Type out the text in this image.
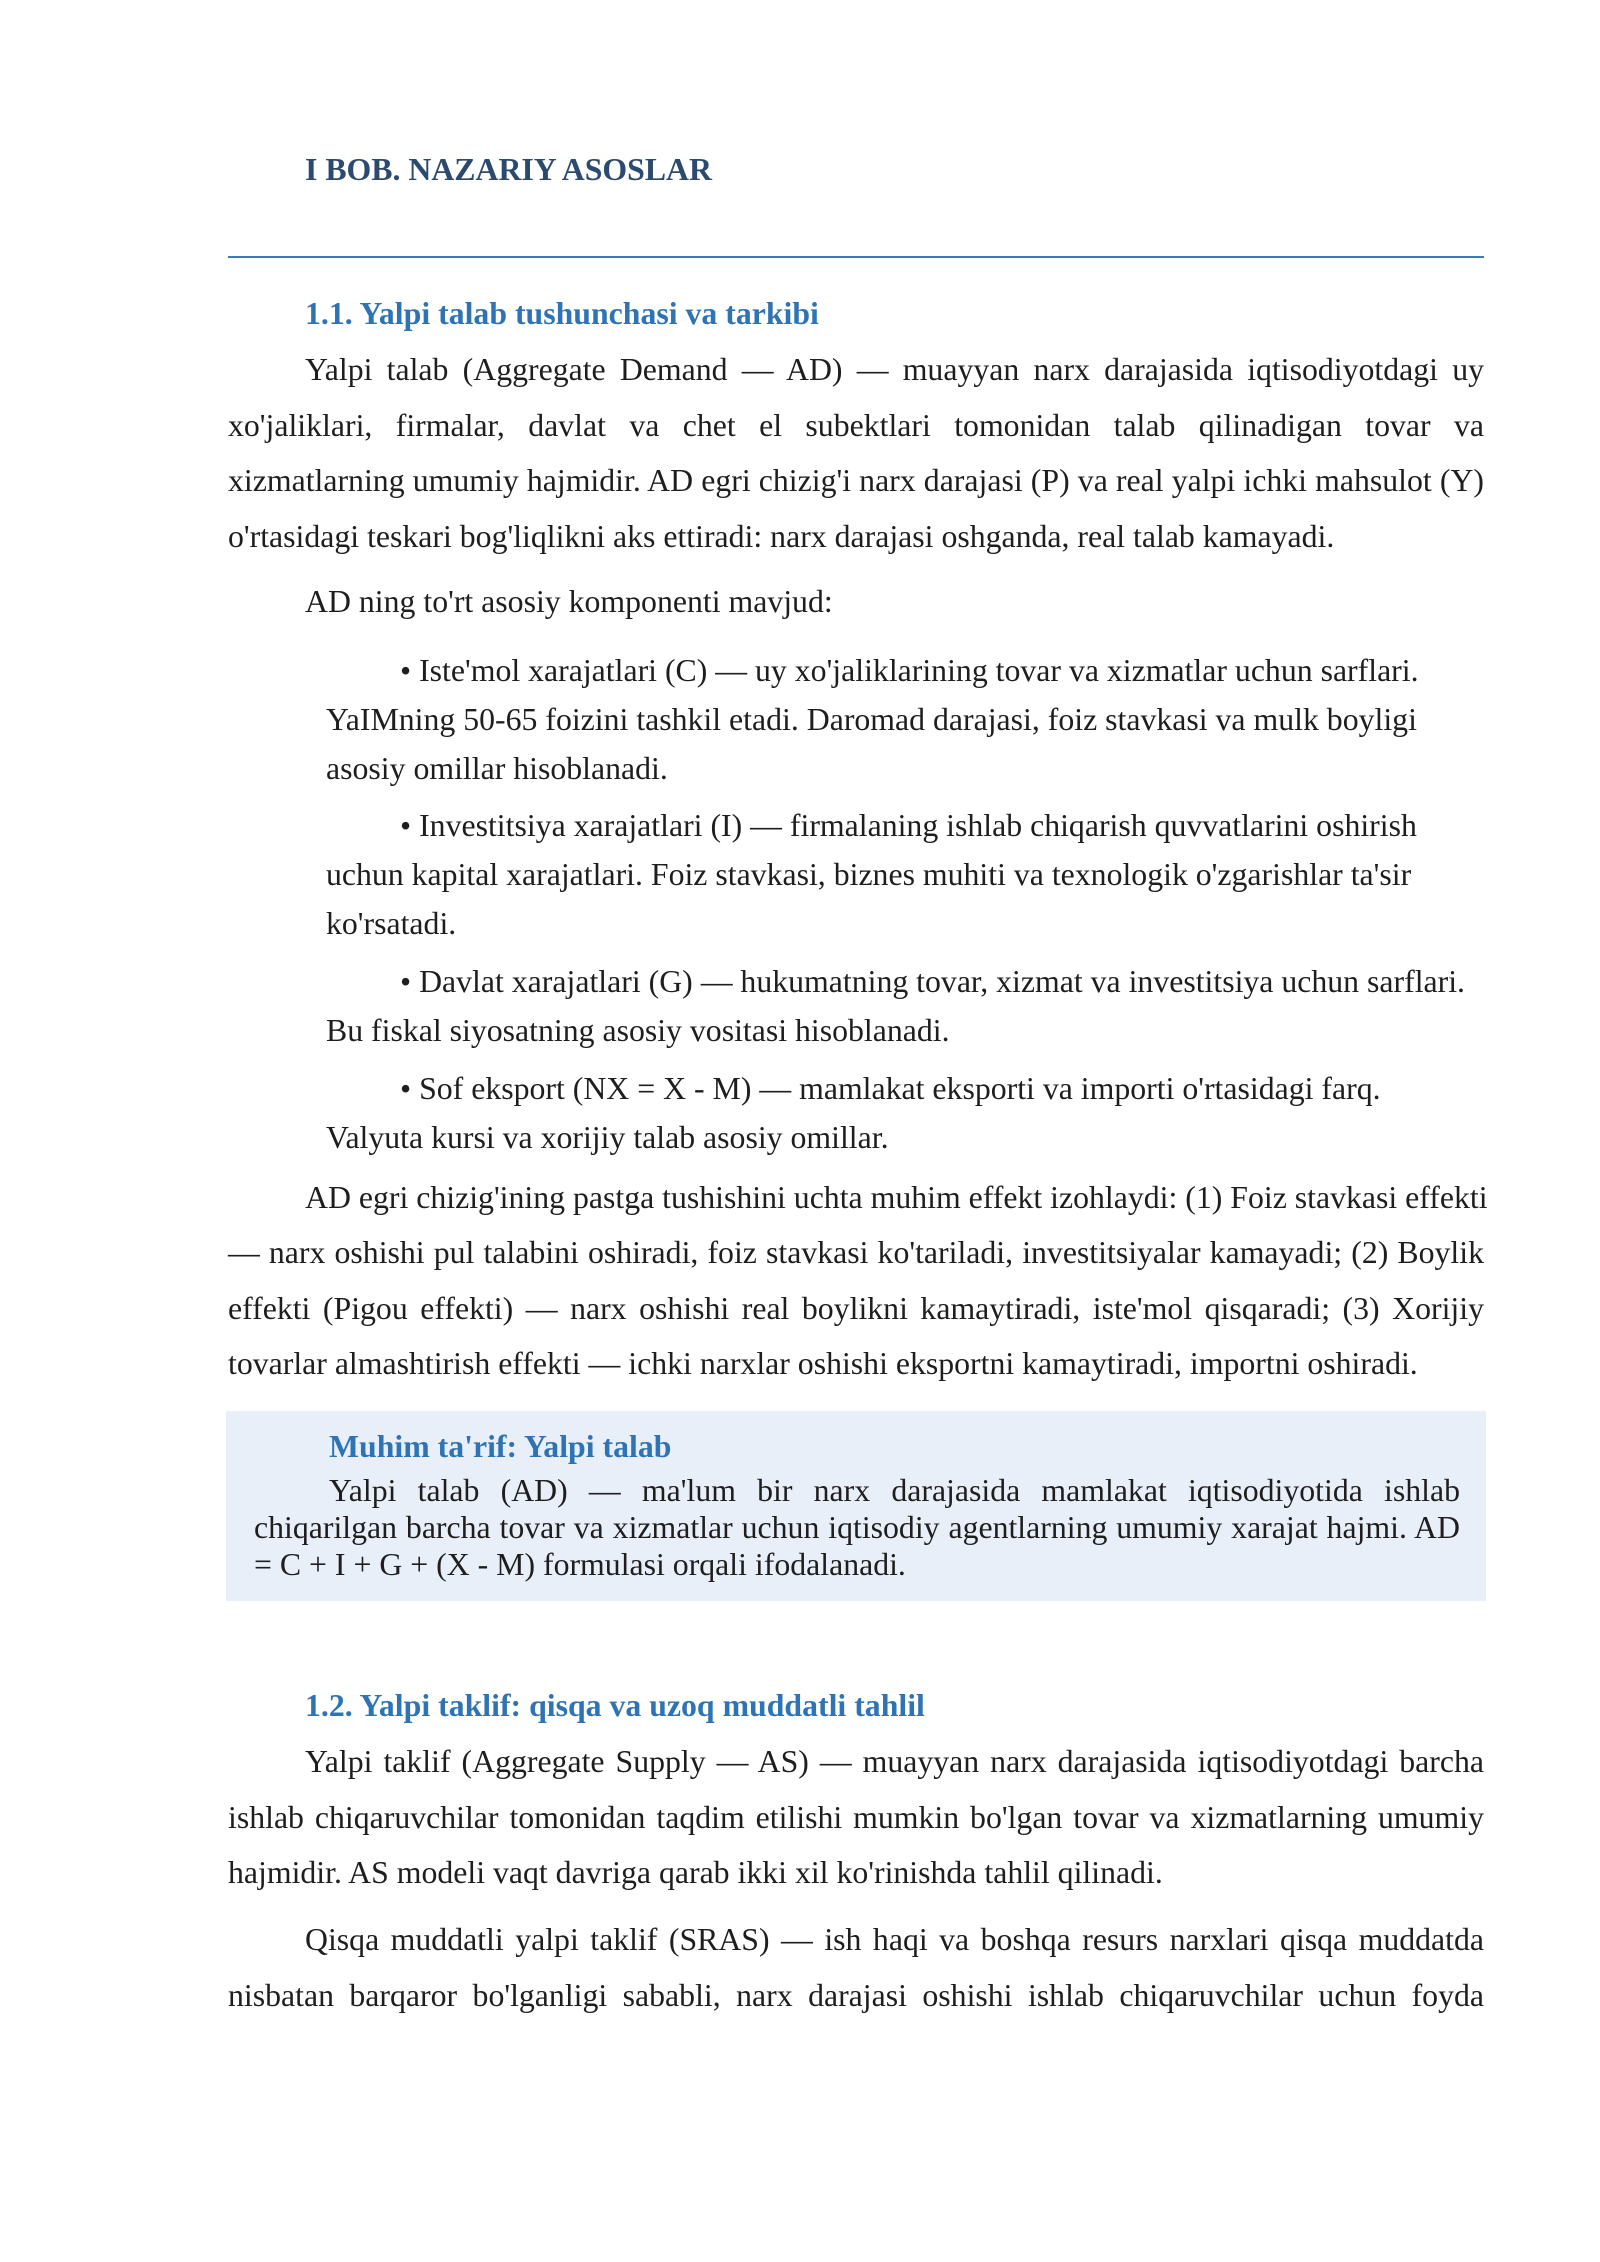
I BOB. NAZARIY ASOSLAR
1.1. Yalpi talab tushunchasi va tarkibi
Yalpi talab (Aggregate Demand — AD) — muayyan narx darajasida iqtisodiyotdagi uy
xo'jaliklari, firmalar, davlat va chet el subektlari tomonidan talab qilinadigan tovar va
xizmatlarning umumiy hajmidir. AD egri chizig'i narx darajasi (P) va real yalpi ichki mahsulot (Y)
o'rtasidagi teskari bog'liqlikni aks ettiradi: narx darajasi oshganda, real talab kamayadi.
AD ning to'rt asosiy komponenti mavjud:
• Iste'mol xarajatlari (C) — uy xo'jaliklarining tovar va xizmatlar uchun sarflari.
YaIMning 50-65 foizini tashkil etadi. Daromad darajasi, foiz stavkasi va mulk boyligi
asosiy omillar hisoblanadi.
• Investitsiya xarajatlari (I) — firmalaning ishlab chiqarish quvvatlarini oshirish
uchun kapital xarajatlari. Foiz stavkasi, biznes muhiti va texnologik o'zgarishlar ta'sir
ko'rsatadi.
• Davlat xarajatlari (G) — hukumatning tovar, xizmat va investitsiya uchun sarflari.
Bu fiskal siyosatning asosiy vositasi hisoblanadi.
• Sof eksport (NX = X - M) — mamlakat eksporti va importi o'rtasidagi farq.
Valyuta kursi va xorijiy talab asosiy omillar.
AD egri chizig'ining pastga tushishini uchta muhim effekt izohlaydi: (1) Foiz stavkasi effekti
— narx oshishi pul talabini oshiradi, foiz stavkasi ko'tariladi, investitsiyalar kamayadi; (2) Boylik
effekti (Pigou effekti) — narx oshishi real boylikni kamaytiradi, iste'mol qisqaradi; (3) Xorijiy
tovarlar almashtirish effekti — ichki narxlar oshishi eksportni kamaytiradi, importni oshiradi.
Muhim ta'rif: Yalpi talab
Yalpi talab (AD) — ma'lum bir narx darajasida mamlakat iqtisodiyotida ishlab
chiqarilgan barcha tovar va xizmatlar uchun iqtisodiy agentlarning umumiy xarajat hajmi. AD
= C + I + G + (X - M) formulasi orqali ifodalanadi.
1.2. Yalpi taklif: qisqa va uzoq muddatli tahlil
Yalpi taklif (Aggregate Supply — AS) — muayyan narx darajasida iqtisodiyotdagi barcha
ishlab chiqaruvchilar tomonidan taqdim etilishi mumkin bo'lgan tovar va xizmatlarning umumiy
hajmidir. AS modeli vaqt davriga qarab ikki xil ko'rinishda tahlil qilinadi.
Qisqa muddatli yalpi taklif (SRAS) — ish haqi va boshqa resurs narxlari qisqa muddatda
nisbatan barqaror bo'lganligi sababli, narx darajasi oshishi ishlab chiqaruvchilar uchun foyda
